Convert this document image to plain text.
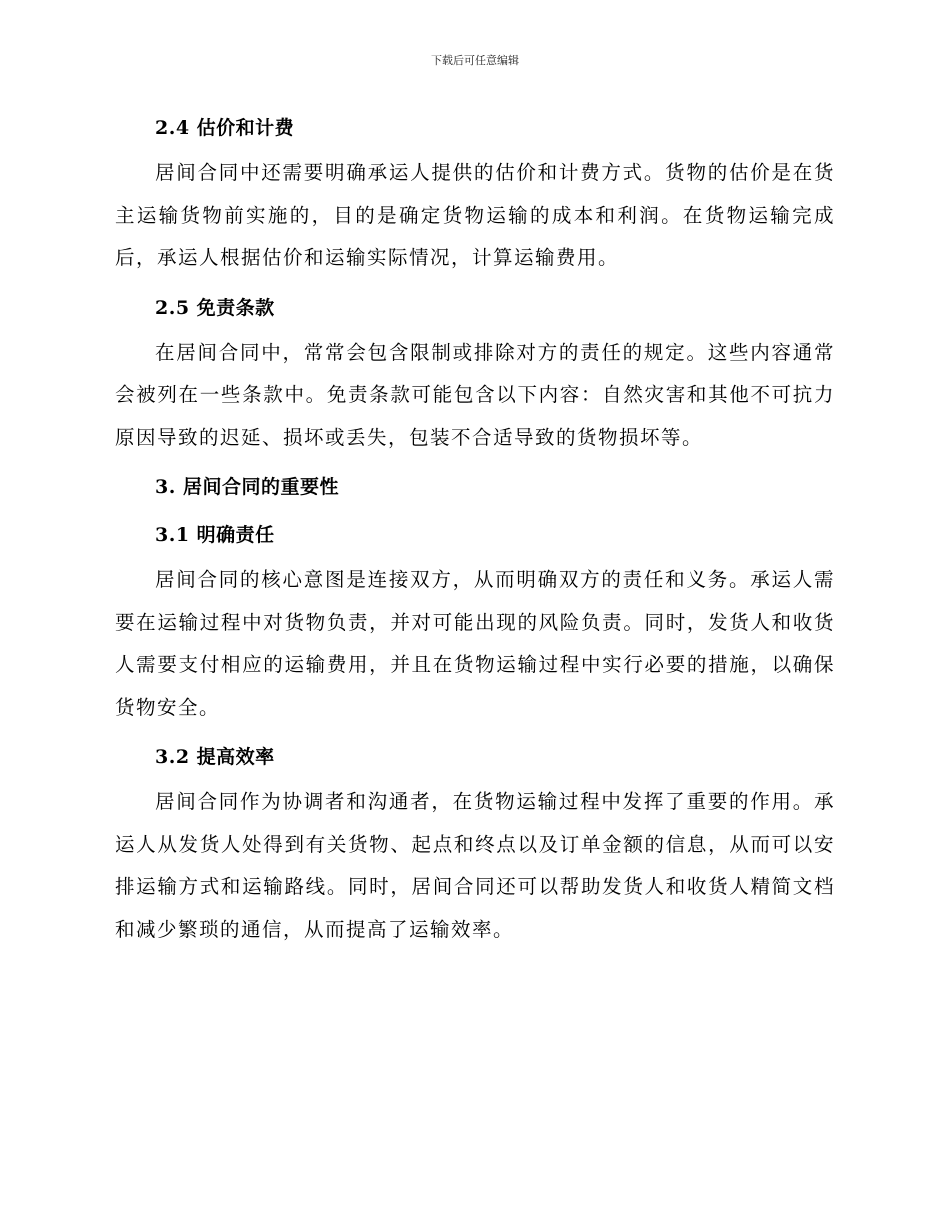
下载后可任意编辑
2.4 估价和计费

居间合同中还需要明确承运人提供的估价和计费方式。货物的估价是在货主运输货物前实施的，目的是确定货物运输的成本和利润。在货物运输完成后，承运人根据估价和运输实际情况，计算运输费用。

2.5 免责条款

在居间合同中，常常会包含限制或排除对方的责任的规定。这些内容通常会被列在一些条款中。免责条款可能包含以下内容：自然灾害和其他不可抗力原因导致的迟延、损坏或丢失，包装不合适导致的货物损坏等。

3. 居间合同的重要性
3.1 明确责任

居间合同的核心意图是连接双方，从而明确双方的责任和义务。承运人需要在运输过程中对货物负责，并对可能出现的风险负责。同时，发货人和收货人需要支付相应的运输费用，并且在货物运输过程中实行必要的措施，以确保货物安全。

3.2 提高效率

居间合同作为协调者和沟通者，在货物运输过程中发挥了重要的作用。承运人从发货人处得到有关货物、起点和终点以及订单金额的信息，从而可以安排运输方式和运输路线。同时，居间合同还可以帮助发货人和收货人精简文档和减少繁琐的通信，从而提高了运输效率。
